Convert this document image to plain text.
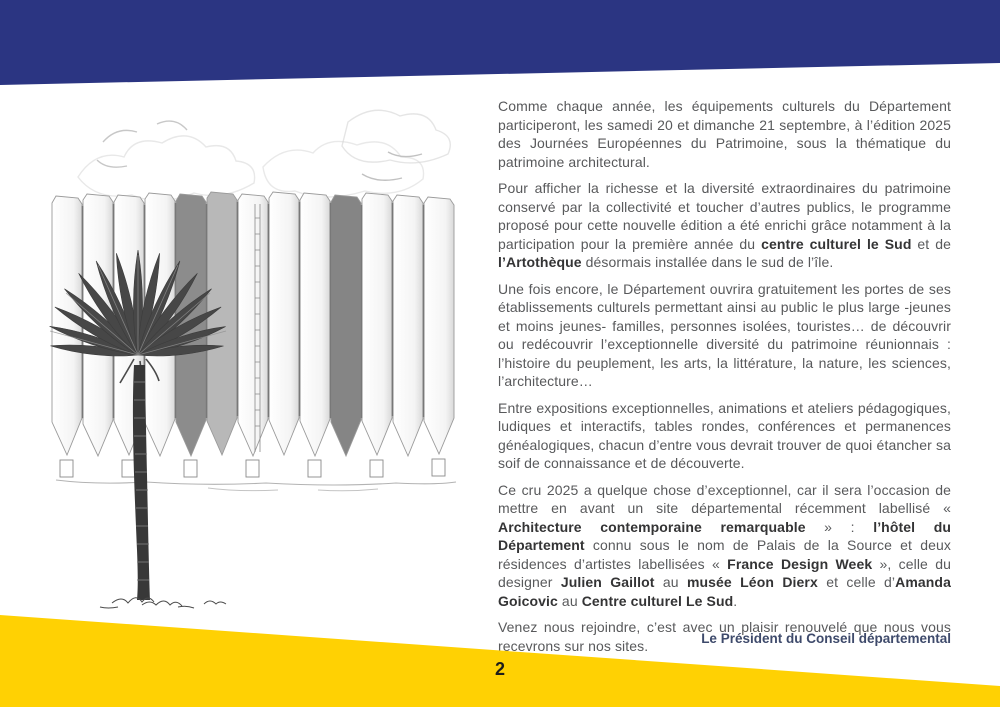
Comme chaque année, les équipements culturels du Département participeront, les samedi 20 et dimanche 21 septembre, à l’édition 2025 des Journées Européennes du Patrimoine, sous la thématique du patrimoine architectural.

Pour afficher la richesse et la diversité extraordinaires du patrimoine conservé par la collectivité et toucher d’autres publics, le programme proposé pour cette nouvelle édition a été enrichi grâce notamment à la participation pour la première année du centre culturel le Sud et de l’Artothèque désormais installée dans le sud de l’île.

Une fois encore, le Département ouvrira gratuitement les portes de ses établissements culturels permettant ainsi au public le plus large -jeunes et moins jeunes- familles, personnes isolées, touristes… de découvrir ou redécouvrir l’exceptionnelle diversité du patrimoine réunionnais : l’histoire du peuplement, les arts, la littérature, la nature, les sciences, l’architecture…

Entre expositions exceptionnelles, animations et ateliers pédagogiques, ludiques et interactifs, tables rondes, conférences et permanences généalogiques, chacun d’entre vous devrait trouver de quoi étancher sa soif de connaissance et de découverte.

Ce cru 2025 a quelque chose d’exceptionnel, car il sera l’occasion de mettre en avant un site départemental récemment labellisé « Architecture contemporaine remarquable » : l’hôtel du Département connu sous le nom de Palais de la Source et deux résidences d’artistes labellisées « France Design Week », celle du designer Julien Gaillot au musée Léon Dierx et celle d’Amanda Goicovic au Centre culturel Le Sud.

Venez nous rejoindre, c’est avec un plaisir renouvelé que nous vous recevrons sur nos sites.	Le Président du Conseil départemental
2
